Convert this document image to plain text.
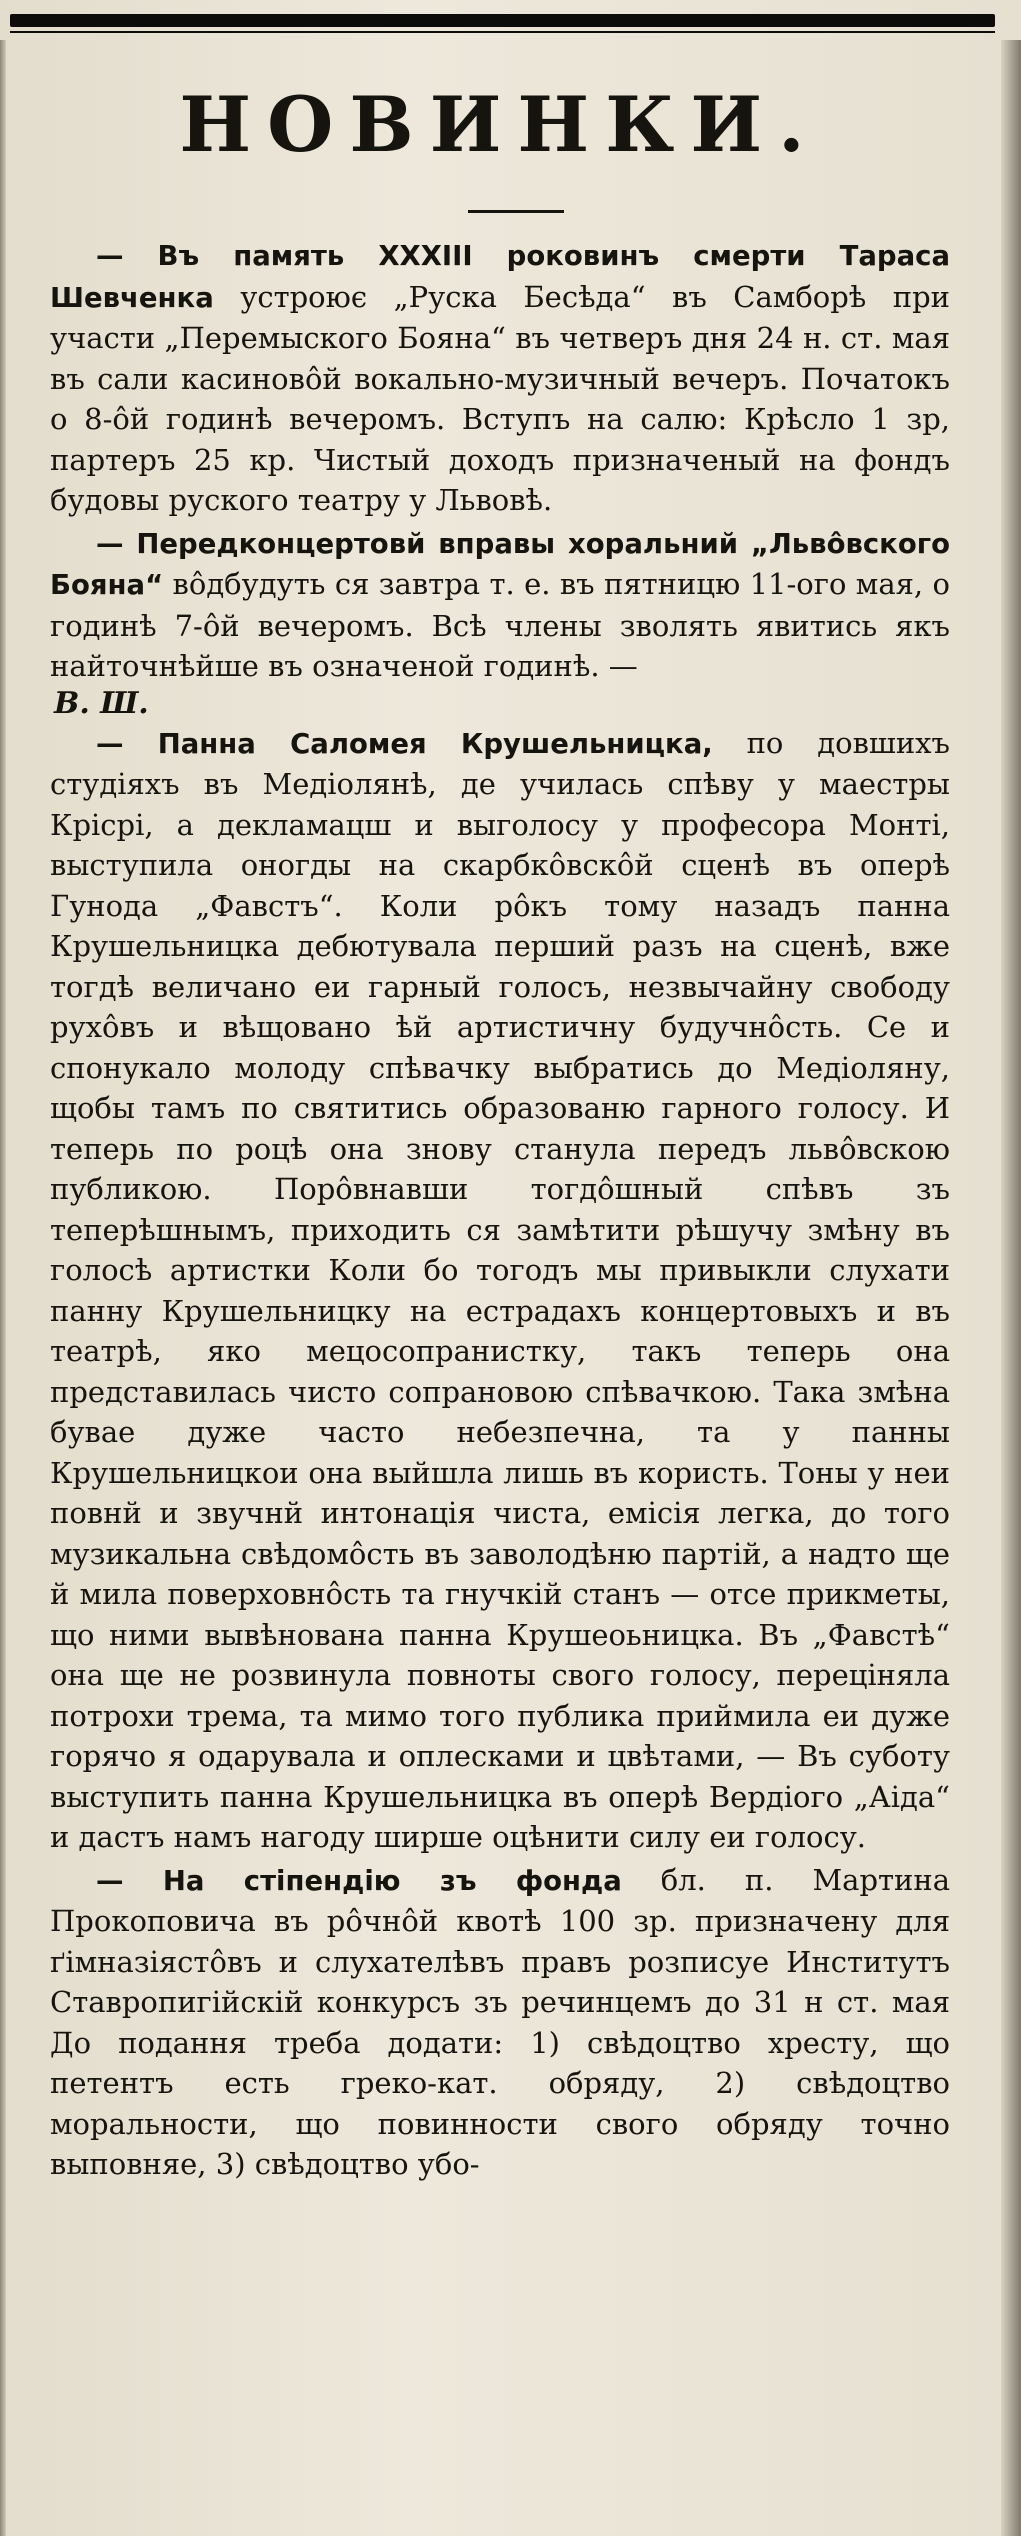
НОВИНКИ.

— Въ память XXXIII роковинъ смерти Тараса Шевченка устроює „Руска Бесѣда“ въ Самборѣ при участи „Перемыского Бояна“ въ четверъ дня 24 н. ст. мая въ сали касиновôй вокально-музичный вечеръ. Початокъ о 8-ôй годинѣ вечеромъ. Вступъ на салю: Крѣсло 1 зр, партеръ 25 кр. Чистый доходъ призначеный на фондъ будовы руского театру у Львовѣ.

— Передконцертовй вправы хоральний „Львôвского Бояна“ вôдбудуть ся завтра т. е. въ пятницю 11-ого мая, о годинѣ 7-ôй вечеромъ. Всѣ члены зволять явитись якъ найточнѣйше въ означеной годинѣ. —

В. Ш.

— Панна Саломея Крушельницка, по довшихъ студіяхъ въ Медіолянѣ, де училась спѣву у маестры Крісрі, а декламацш и выголосу у професора Монті, выступила оногды на скарбкôвскôй сценѣ въ оперѣ Гунода „Фавстъ“. Коли рôкъ тому назадъ панна Крушельницка дебютувала перший разъ на сценѣ, вже тогдѣ величано еи гарный голосъ, незвычайну свободу рухôвъ и вѣщовано ѣй артистичну будучнôсть. Се и спонукало молоду спѣвачку выбратись до Медіоляну, щобы тамъ по святитись образованю гарного голосу. И теперь по роцѣ она знову станула передъ львôвскою публикою. Порôвнавши тогдôшный спѣвъ зъ теперѣшнымъ, приходить ся замѣтити рѣшучу змѣну въ голосѣ артистки Коли бо тогодъ мы привыкли слухати панну Крушельницку на естрадахъ концертовыхъ и въ театрѣ, яко мецосопранистку, такъ теперь она представилась чисто сопрановою спѣвачкою. Така змѣна бувае дуже часто небезпечна, та у панны Крушельницкои она выйшла лишь въ користь. Тоны у неи повнй и звучнй интонація чиста, емісія легка, до того музикальна свѣдомôсть въ заволодѣню партій, а надто ще й мила поверховнôсть та гнучкій станъ — отсе прикметы, що ними вывѣнована панна Крушеоьницка. Въ „Фавстѣ“ она ще не розвинула повноты свого голосу, перецiняла потрохи трема, та мимо того публика приймила еи дуже горячо я одарувала и оплесками и цвѣтами, — Въ суботу выступить панна Крушельницка въ оперѣ Вердіого „Аіда“ и дастъ намъ нагоду ширше оцѣнити силу еи голосу.

— На стіпендію зъ фонда бл. п. Мартина Прокоповича въ рôчнôй квотѣ 100 зр. призначену для ґімназіястôвъ и слухателѣвъ правъ розписуе Институтъ Ставропигійскій конкурсъ зъ речинцемъ до 31 н ст. мая До подання треба додати: 1) свѣдоцтво хресту, що петентъ есть греко-кат. обряду, 2) свѣдоцтво моральности, що повинности свого обряду точно выповняе, 3) свѣдоцтво убо-
